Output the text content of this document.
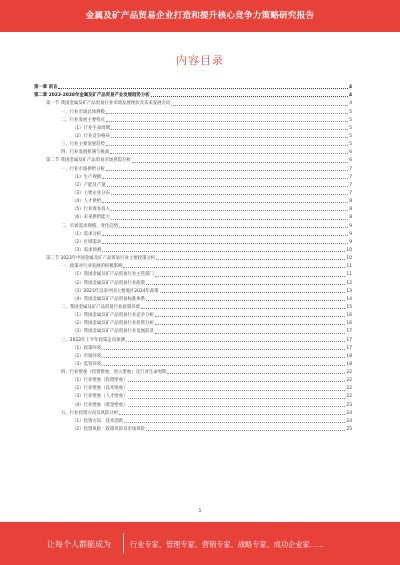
金属及矿产品贸易企业打造和提升核心竞争力策略研究报告
内容目录
第一章 前言	4
第二章 2023-2028年金属及矿产品贸易产业发展趋势分析	4
第一节 我国金属及矿产品贸易行业市场发展现状及未来发展方向	4
一、行业市场总体规模	5
二、行业发展主要特点	5
（1）行业生命周期	5
（2）行业竞争格局	5
三、行业主要发展趋势	5
四、行业发展机遇与挑战	6
第二节 我国金属及矿产品贸易市场供需分析	6
一、行业市场供给分析	7
（1）生产规模	7
（2）产能及产量	7
（3）主要企业分布	7
（4）人才供给	8
（5）行业资本投入	8
（6）未来供给能力	8
二、市场需求规模、变化趋势	9
（1）需求分析	9
（2）区域需求	9
（3）需求预测	10
第三节 2023年中国金属及矿产品贸易行业主要政策分析	10
一、政策对行业发展的积极影响	11
（1）我国金属及矿产品贸易行业主管部门	11
（2）我国金属及矿产品贸易行业政策	12
（3）2023年以来中国主要地区2024年政策	13
（4）我国金属及矿产品贸易标准体系	14
二、我国金属及矿产品贸易行业政策环境	15
（1）我国金属及矿产品贸易行业竞争分析	16
（2）我国金属及矿产品贸易行业投资分析	16
（3）我国金属及矿产品贸易行业发展前景	17
三、2023年上半年政策走向预测	17
（1）政策环境	17
（2）市场环境	18
（3）监管环境	18
四、行业壁垒（投资壁垒、进入壁垒）及行业生命周期	22
（1）行业壁垒（投资壁垒）	22
（2）行业壁垒（技术壁垒）	22
（3）行业壁垒（人才壁垒）	22
（4）行业壁垒（资金壁垒）	23
五、行业投资方向及风险分析	24
（1）投资方向：技术创新	24
（2）投资风险：政策风险及市场风险	25
1
让每个人都能成为	行业专家、管理专家、营销专家、战略专家、成功企业家……
